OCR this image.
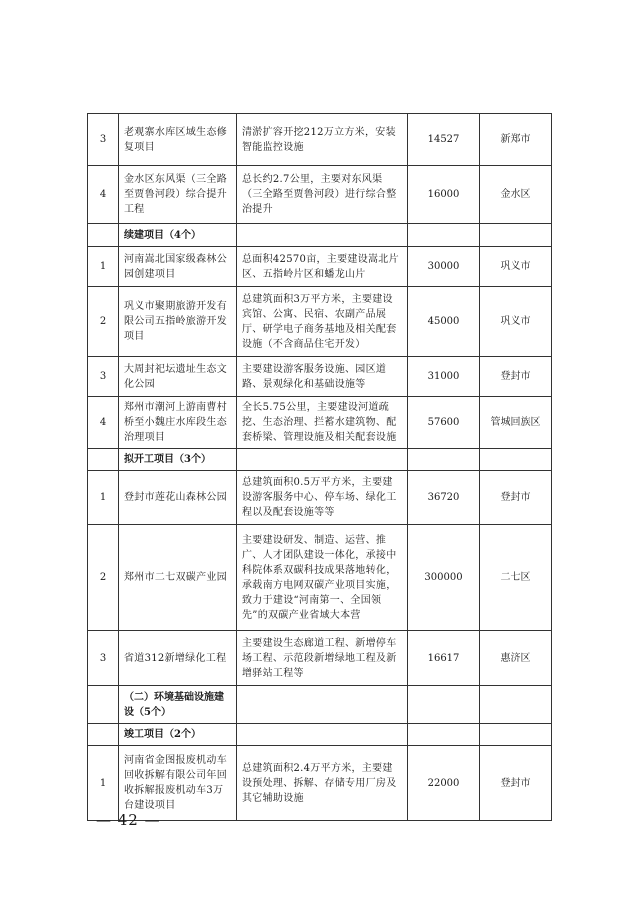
3	老观寨水库区域生态修复项目	清淤扩容开挖212万立方米，安装智能监控设施	14527	新郑市
4	金水区东风渠（三全路至贾鲁河段）综合提升工程	总长约2.7公里，主要对东风渠（三全路至贾鲁河段）进行综合整治提升	16000	金水区
	续建项目（4个）			
1	河南嵩北国家级森林公园创建项目	总面积42570亩，主要建设嵩北片区、五指岭片区和蟠龙山片	30000	巩义市
2	巩义市聚期旅游开发有限公司五指岭旅游开发项目	总建筑面积3万平方米，主要建设宾馆、公寓、民宿、农副产品展厅、研学电子商务基地及相关配套设施（不含商品住宅开发）	45000	巩义市
3	大周封祀坛遗址生态文化公园	主要建设游客服务设施、园区道路、景观绿化和基础设施等	31000	登封市
4	郑州市潮河上游南曹村桥至小魏庄水库段生态治理项目	全长5.75公里，主要建设河道疏挖、生态治理、拦蓄水建筑物、配套桥梁、管理设施及相关配套设施	57600	管城回族区
	拟开工项目（3个）			
1	登封市莲花山森林公园	总建筑面积0.5万平方米，主要建设游客服务中心、停车场、绿化工程以及配套设施等等	36720	登封市
2	郑州市二七双碳产业园	主要建设研发、制造、运营、推广、人才团队建设一体化，承接中科院体系双碳科技成果落地转化，承载南方电网双碳产业项目实施，致力于建设“河南第一、全国领先”的双碳产业省域大本营	300000	二七区
3	省道312新增绿化工程	主要建设生态廊道工程、新增停车场工程、示范段新增绿地工程及新增驿站工程等	16617	惠济区
	（二）环境基础设施建设（5个）			
	竣工项目（2个）			
1	河南省金图报废机动车回收拆解有限公司年回收拆解报废机动车3万台建设项目	总建筑面积2.4万平方米，主要建设预处理、拆解、存储专用厂房及其它辅助设施	22000	登封市
— 42 —
